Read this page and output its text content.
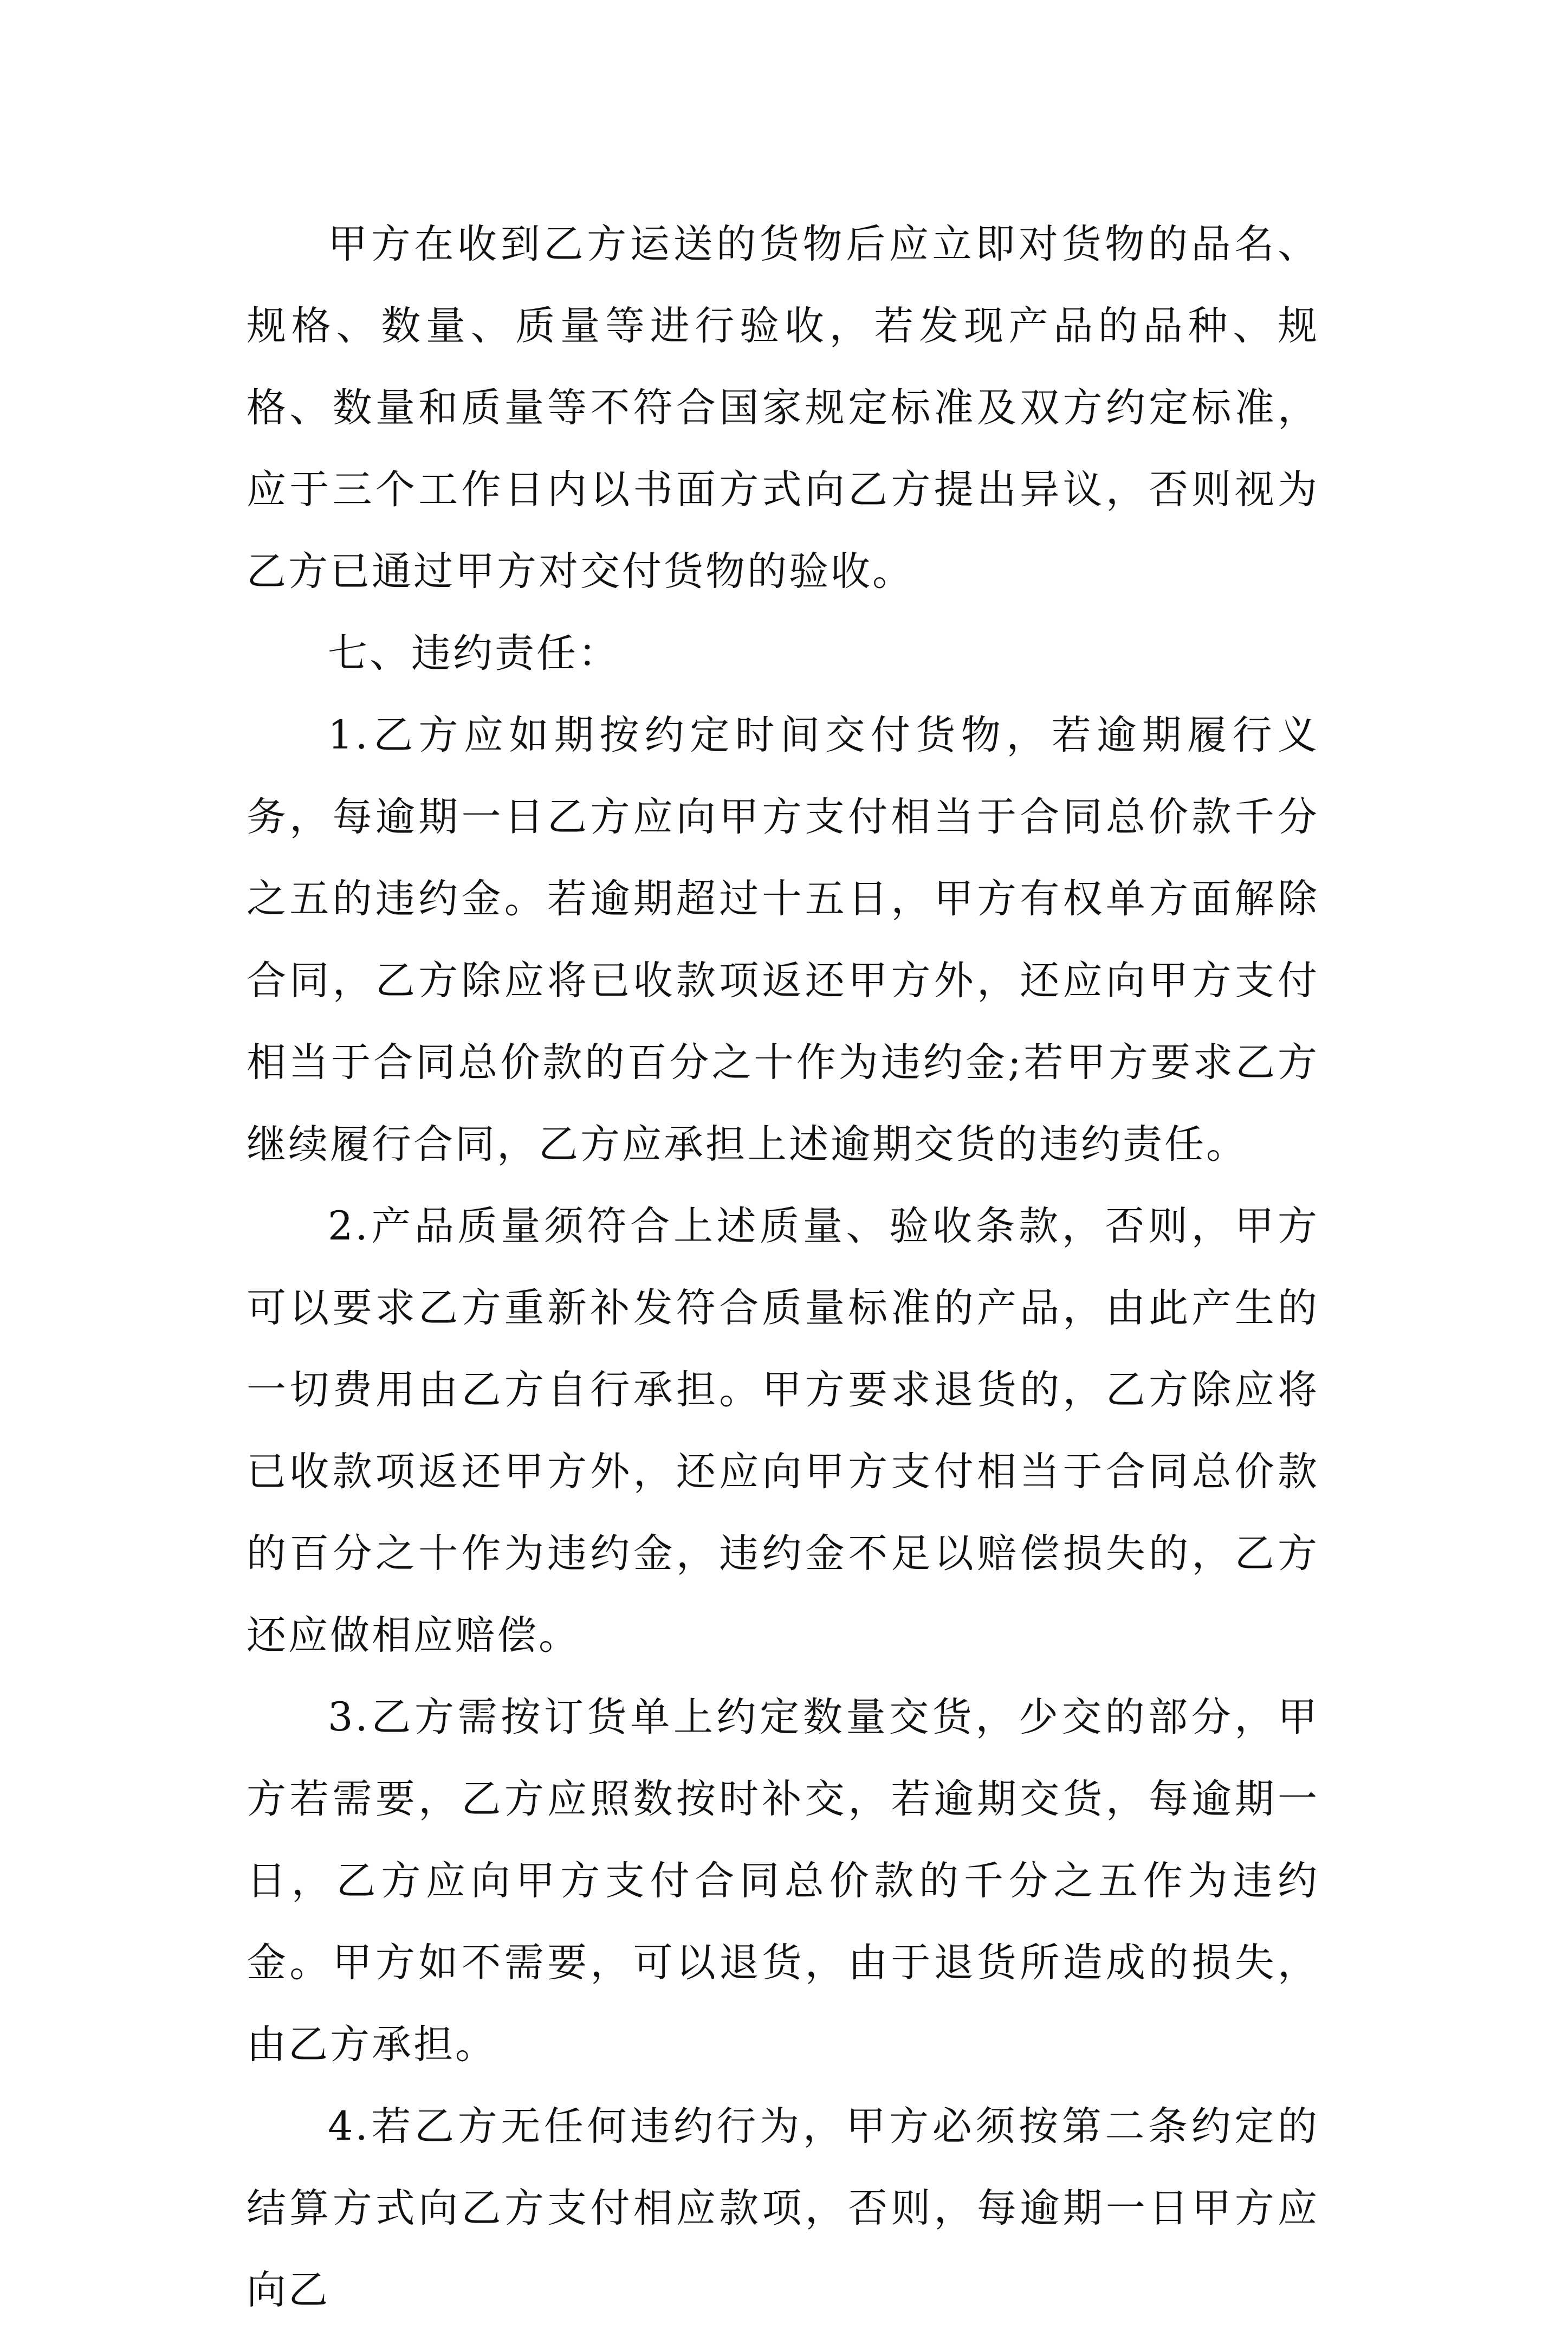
甲方在收到乙方运送的货物后应立即对货物的品名、规格、数量、质量等进行验收，若发现产品的品种、规格、数量和质量等不符合国家规定标准及双方约定标准，应于三个工作日内以书面方式向乙方提出异议，否则视为乙方已通过甲方对交付货物的验收。

七、违约责任：

1.乙方应如期按约定时间交付货物，若逾期履行义务，每逾期一日乙方应向甲方支付相当于合同总价款千分之五的违约金。若逾期超过十五日，甲方有权单方面解除合同，乙方除应将已收款项返还甲方外，还应向甲方支付相当于合同总价款的百分之十作为违约金;若甲方要求乙方继续履行合同，乙方应承担上述逾期交货的违约责任。

2.产品质量须符合上述质量、验收条款，否则，甲方可以要求乙方重新补发符合质量标准的产品，由此产生的一切费用由乙方自行承担。甲方要求退货的，乙方除应将已收款项返还甲方外，还应向甲方支付相当于合同总价款的百分之十作为违约金，违约金不足以赔偿损失的，乙方还应做相应赔偿。

3.乙方需按订货单上约定数量交货，少交的部分，甲方若需要，乙方应照数按时补交，若逾期交货，每逾期一日，乙方应向甲方支付合同总价款的千分之五作为违约金。甲方如不需要，可以退货，由于退货所造成的损失，由乙方承担。

4.若乙方无任何违约行为，甲方必须按第二条约定的结算方式向乙方支付相应款项，否则，每逾期一日甲方应向乙
